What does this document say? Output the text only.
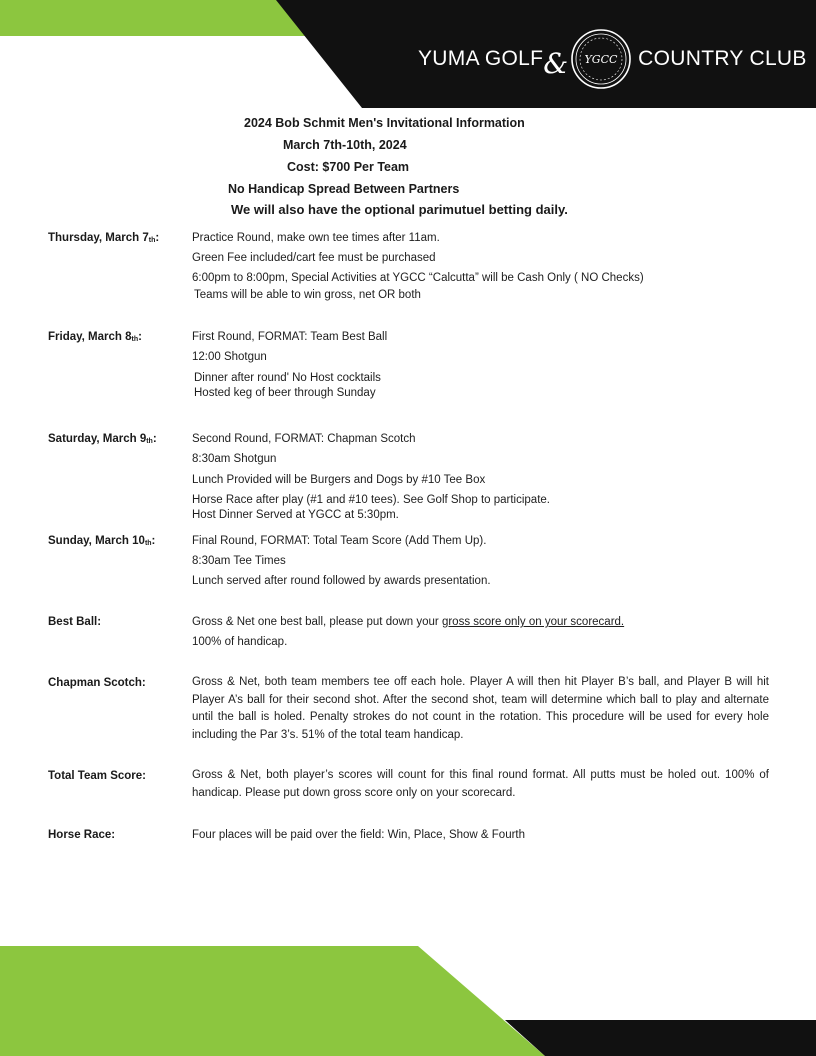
YUMA GOLF & YGCC COUNTRY CLUB
2024 Bob Schmit Men's Invitational Information
March 7th-10th, 2024
Cost: $700 Per Team
No Handicap Spread Between Partners
We will also have the optional parimutuel betting daily.
Thursday, March 7th:	Practice Round, make own tee times after 11am.
Green Fee included/cart fee must be purchased
6:00pm to 8:00pm, Special Activities at YGCC “Calcutta” will be Cash Only ( NO Checks)
Teams will be able to win gross, net OR both
Friday, March 8th:	First Round, FORMAT: Team Best Ball
12:00 Shotgun
Dinner after round' No Host cocktails
Hosted keg of beer through Sunday
Saturday, March 9th:	Second Round, FORMAT: Chapman Scotch
8:30am Shotgun
Lunch Provided will be Burgers and Dogs by #10 Tee Box
Horse Race after play (#1 and #10 tees). See Golf Shop to participate.
Host Dinner Served at YGCC at 5:30pm.
Sunday, March 10th:	Final Round, FORMAT: Total Team Score (Add Them Up).
8:30am Tee Times
Lunch served after round followed by awards presentation.
Best Ball:	Gross & Net one best ball, please put down your gross score only on your scorecard.
100% of handicap.
Chapman Scotch:	Gross & Net, both team members tee off each hole. Player A will then hit Player B’s ball, and Player B will hit Player A’s ball for their second shot. After the second shot, team will determine which ball to play and alternate until the ball is holed. Penalty strokes do not count in the rotation. This procedure will be used for every hole including the Par 3’s. 51% of the total team handicap.
Total Team Score:	Gross & Net, both player’s scores will count for this final round format. All putts must be holed out. 100% of handicap. Please put down gross score only on your scorecard.
Horse Race:	Four places will be paid over the field: Win, Place, Show & Fourth
